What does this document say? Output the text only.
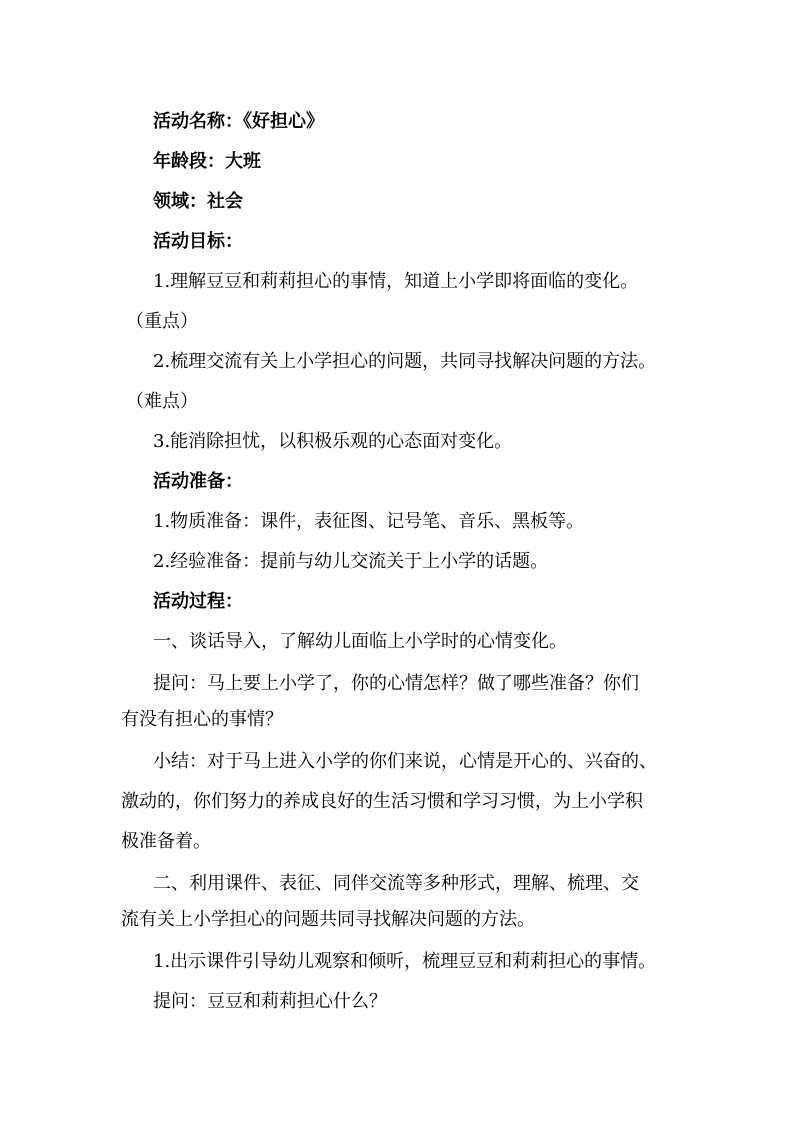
活动名称：《好担心》
年龄段：大班
领域：社会
活动目标：
1.理解豆豆和莉莉担心的事情，知道上小学即将面临的变化。
（重点）
2.梳理交流有关上小学担心的问题，共同寻找解决问题的方法。
（难点）
3.能消除担忧，以积极乐观的心态面对变化。
活动准备：
1.物质准备：课件，表征图、记号笔、音乐、黑板等。
2.经验准备：提前与幼儿交流关于上小学的话题。
活动过程：
一、谈话导入，了解幼儿面临上小学时的心情变化。
提问：马上要上小学了，你的心情怎样？做了哪些准备？你们
有没有担心的事情？
小结：对于马上进入小学的你们来说，心情是开心的、兴奋的、
激动的，你们努力的养成良好的生活习惯和学习习惯，为上小学积
极准备着。
二、利用课件、表征、同伴交流等多种形式，理解、梳理、交
流有关上小学担心的问题共同寻找解决问题的方法。
1.出示课件引导幼儿观察和倾听，梳理豆豆和莉莉担心的事情。
提问：豆豆和莉莉担心什么？
